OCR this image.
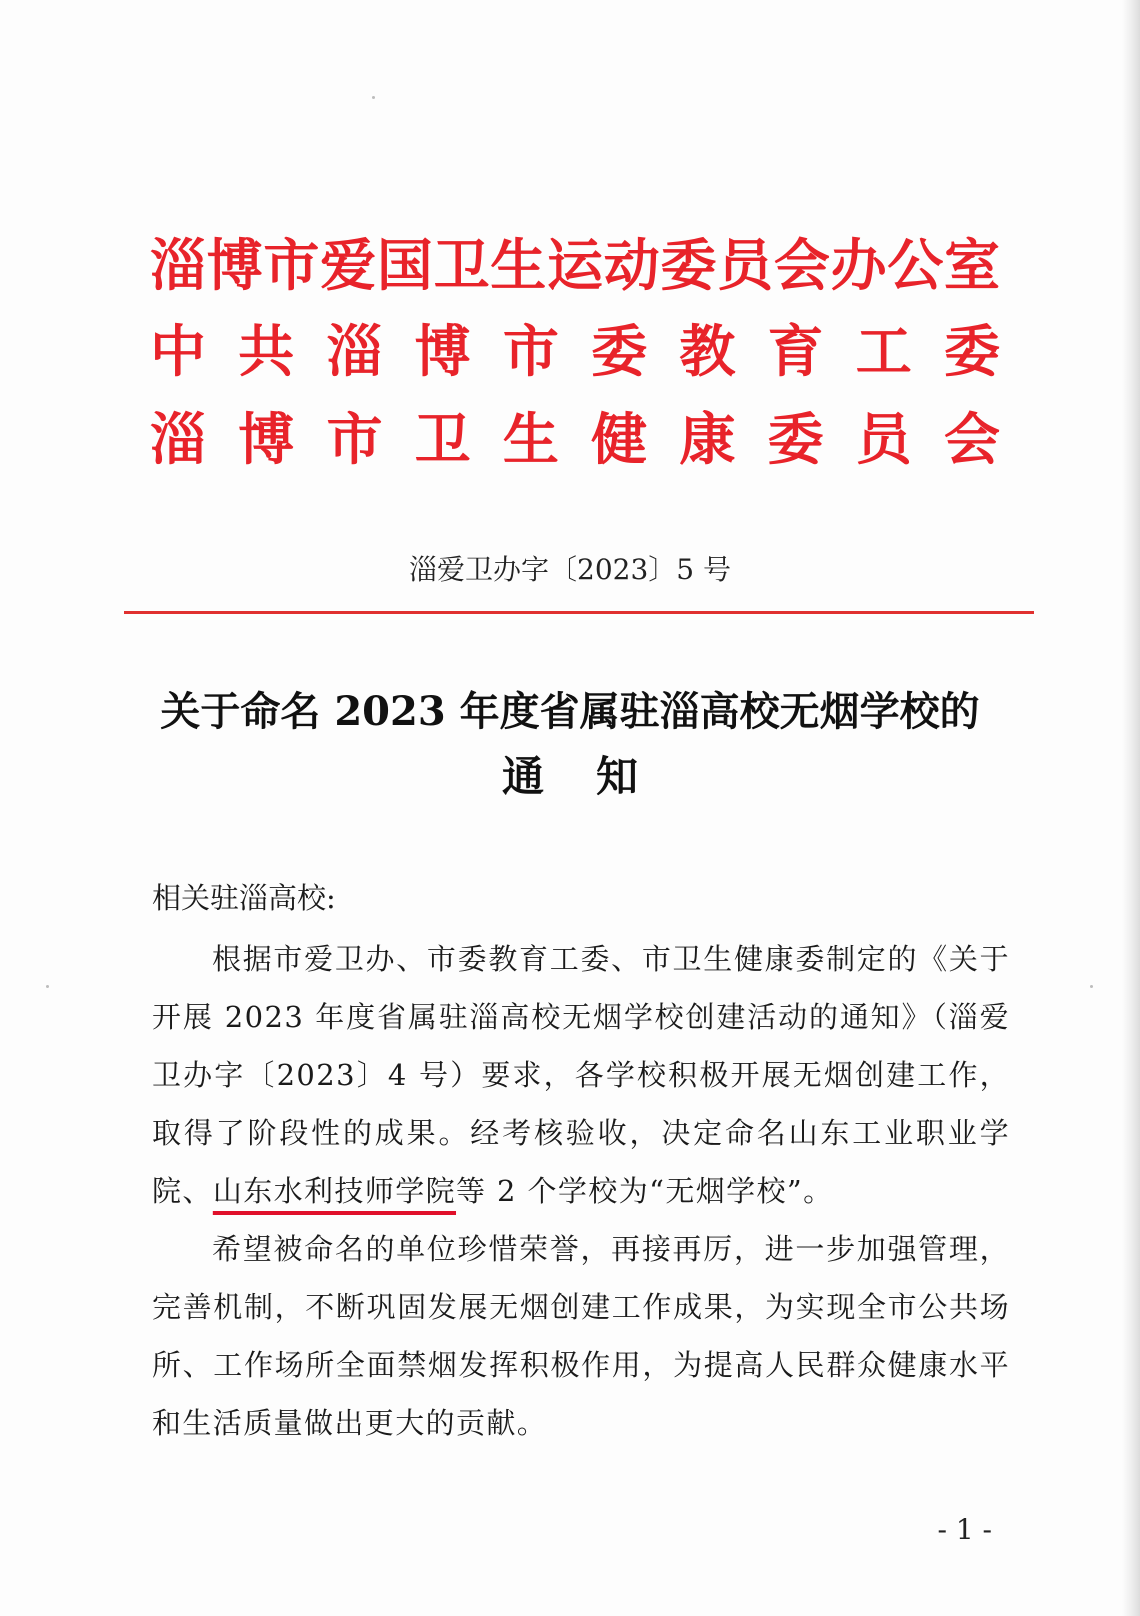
淄博市爱国卫生运动委员会办公室
中共淄博市委教育工委
淄博市卫生健康委员会
淄爱卫办字〔2023〕5 号
关于命名 2023 年度省属驻淄高校无烟学校的
通知
相关驻淄高校:
根据市爱卫办、市委教育工委、市卫生健康委制定的《关于开展 2023 年度省属驻淄高校无烟学校创建活动的通知》（淄爱卫办字〔2023〕4 号）要求，各学校积极开展无烟创建工作，取得了阶段性的成果。经考核验收，决定命名山东工业职业学院、山东水利技师学院等 2 个学校为“无烟学校”。
希望被命名的单位珍惜荣誉，再接再厉，进一步加强管理，完善机制，不断巩固发展无烟创建工作成果，为实现全市公共场所、工作场所全面禁烟发挥积极作用，为提高人民群众健康水平和生活质量做出更大的贡献。
- 1 -
